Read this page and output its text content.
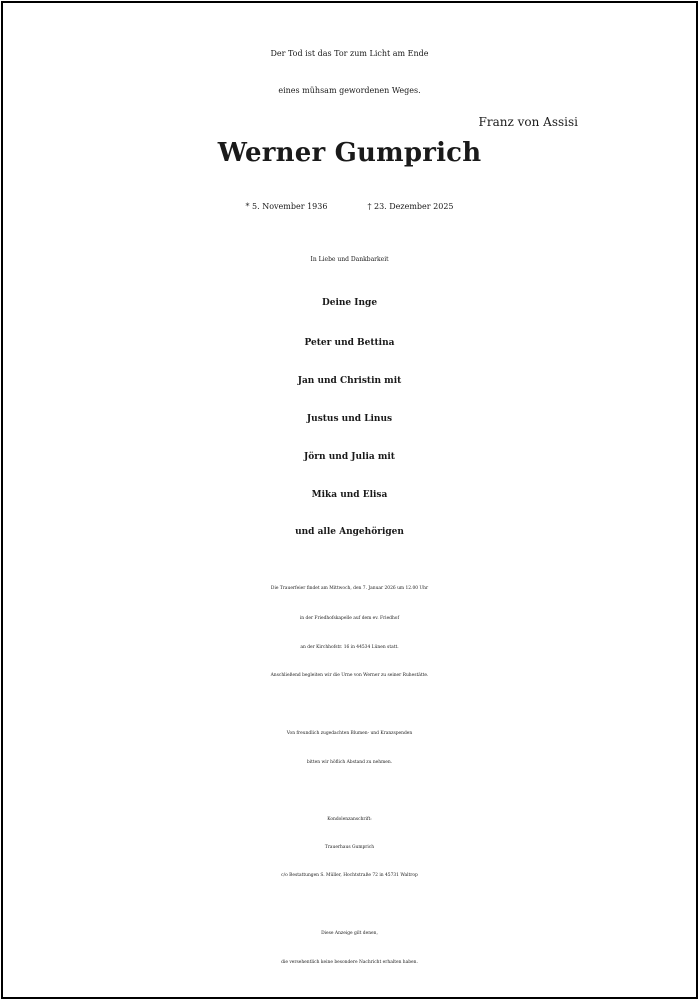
Der Tod ist das Tor zum Licht am Ende
eines mühsam gewordenen Weges.
Franz von Assisi
Werner Gumprich
* 5. November 1936	† 23. Dezember 2025
In Liebe und Dankbarkeit
Deine Inge
Peter und Bettina
Jan und Christin mit
Justus und Linus
Jörn und Julia mit
Mika und Elisa
und alle Angehörigen
Die Trauerfeier findet am Mittwoch, den 7. Januar 2026 um 12.00 Uhr
in der Friedhofskapelle auf dem ev. Friedhof
an der Kirchhofstr. 16 in 44534 Lünen statt.
Anschließend begleiten wir die Urne von Werner zu seiner Ruhestätte.
Von freundlich zugedachten Blumen- und Kranzspenden
bitten wir höflich Abstand zu nehmen.
Kondolenzanschrift:
Trauerhaus Gumprich
c/o Bestattungen S. Müller, Hochtstraße 72 in 45731 Waltrop
Diese Anzeige gilt denen,
die versehentlich keine besondere Nachricht erhalten haben.
